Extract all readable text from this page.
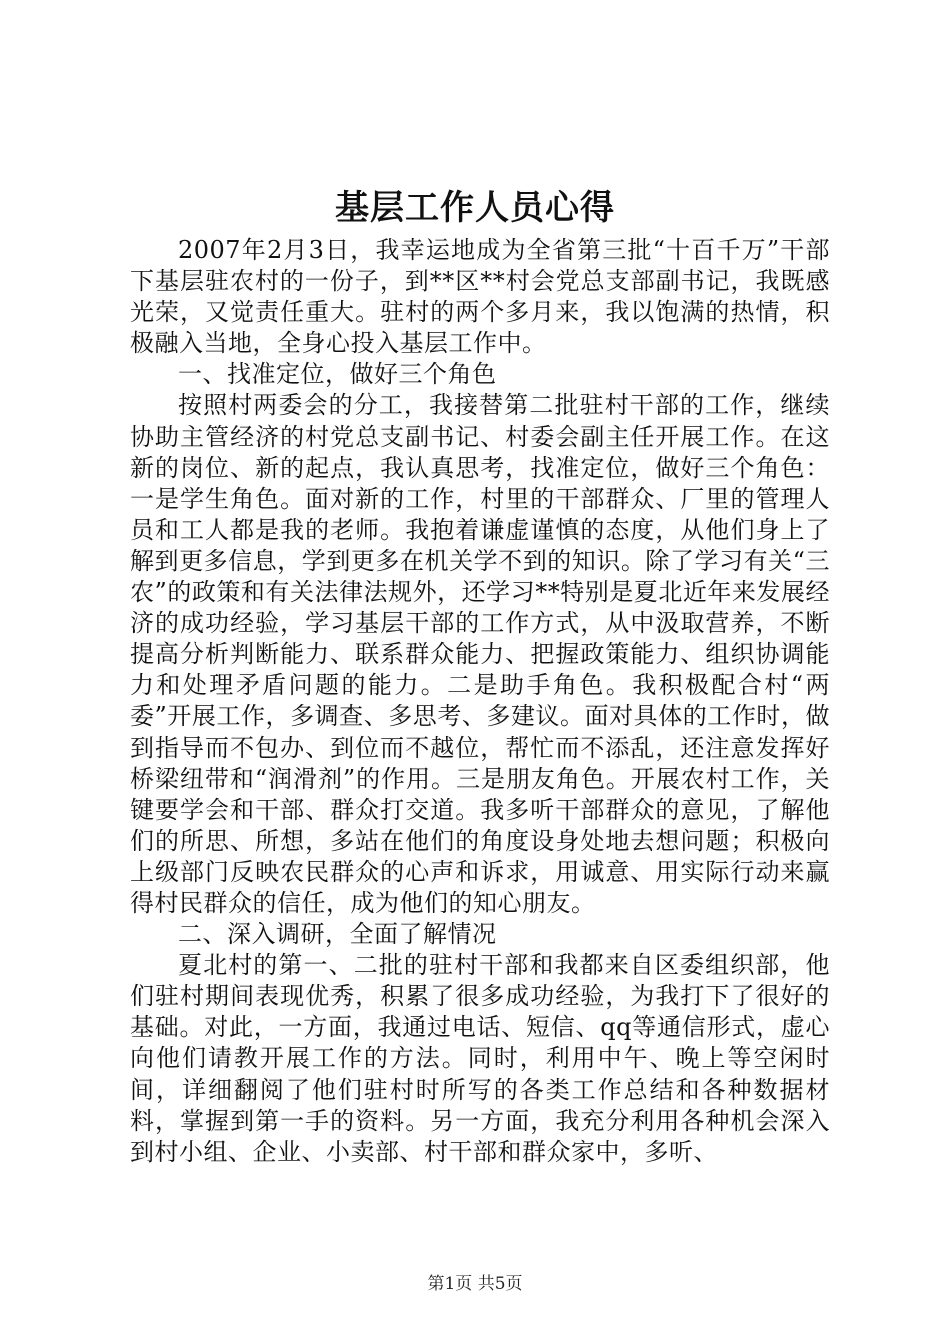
基层工作人员心得

2007年2月3日，我幸运地成为全省第三批“十百千万”干部下基层驻农村的一份子，到**区**村会党总支部副书记，我既感光荣，又觉责任重大。驻村的两个多月来，我以饱满的热情，积极融入当地，全身心投入基层工作中。

一、找准定位，做好三个角色

按照村两委会的分工，我接替第二批驻村干部的工作，继续协助主管经济的村党总支副书记、村委会副主任开展工作。在这新的岗位、新的起点，我认真思考，找准定位，做好三个角色：一是学生角色。面对新的工作，村里的干部群众、厂里的管理人员和工人都是我的老师。我抱着谦虚谨慎的态度，从他们身上了解到更多信息，学到更多在机关学不到的知识。除了学习有关“三农”的政策和有关法律法规外，还学习**特别是夏北近年来发展经济的成功经验，学习基层干部的工作方式，从中汲取营养，不断提高分析判断能力、联系群众能力、把握政策能力、组织协调能力和处理矛盾问题的能力。二是助手角色。我积极配合村“两委”开展工作，多调查、多思考、多建议。面对具体的工作时，做到指导而不包办、到位而不越位，帮忙而不添乱，还注意发挥好桥梁纽带和“润滑剂”的作用。三是朋友角色。开展农村工作，关键要学会和干部、群众打交道。我多听干部群众的意见，了解他们的所思、所想，多站在他们的角度设身处地去想问题；积极向上级部门反映农民群众的心声和诉求，用诚意、用实际行动来赢得村民群众的信任，成为他们的知心朋友。

二、深入调研，全面了解情况

夏北村的第一、二批的驻村干部和我都来自区委组织部，他们驻村期间表现优秀，积累了很多成功经验，为我打下了很好的基础。对此，一方面，我通过电话、短信、qq等通信形式，虚心向他们请教开展工作的方法。同时，利用中午、晚上等空闲时间，详细翻阅了他们驻村时所写的各类工作总结和各种数据材料，掌握到第一手的资料。另一方面，我充分利用各种机会深入到村小组、企业、小卖部、村干部和群众家中，多听、

第1页 共5页
